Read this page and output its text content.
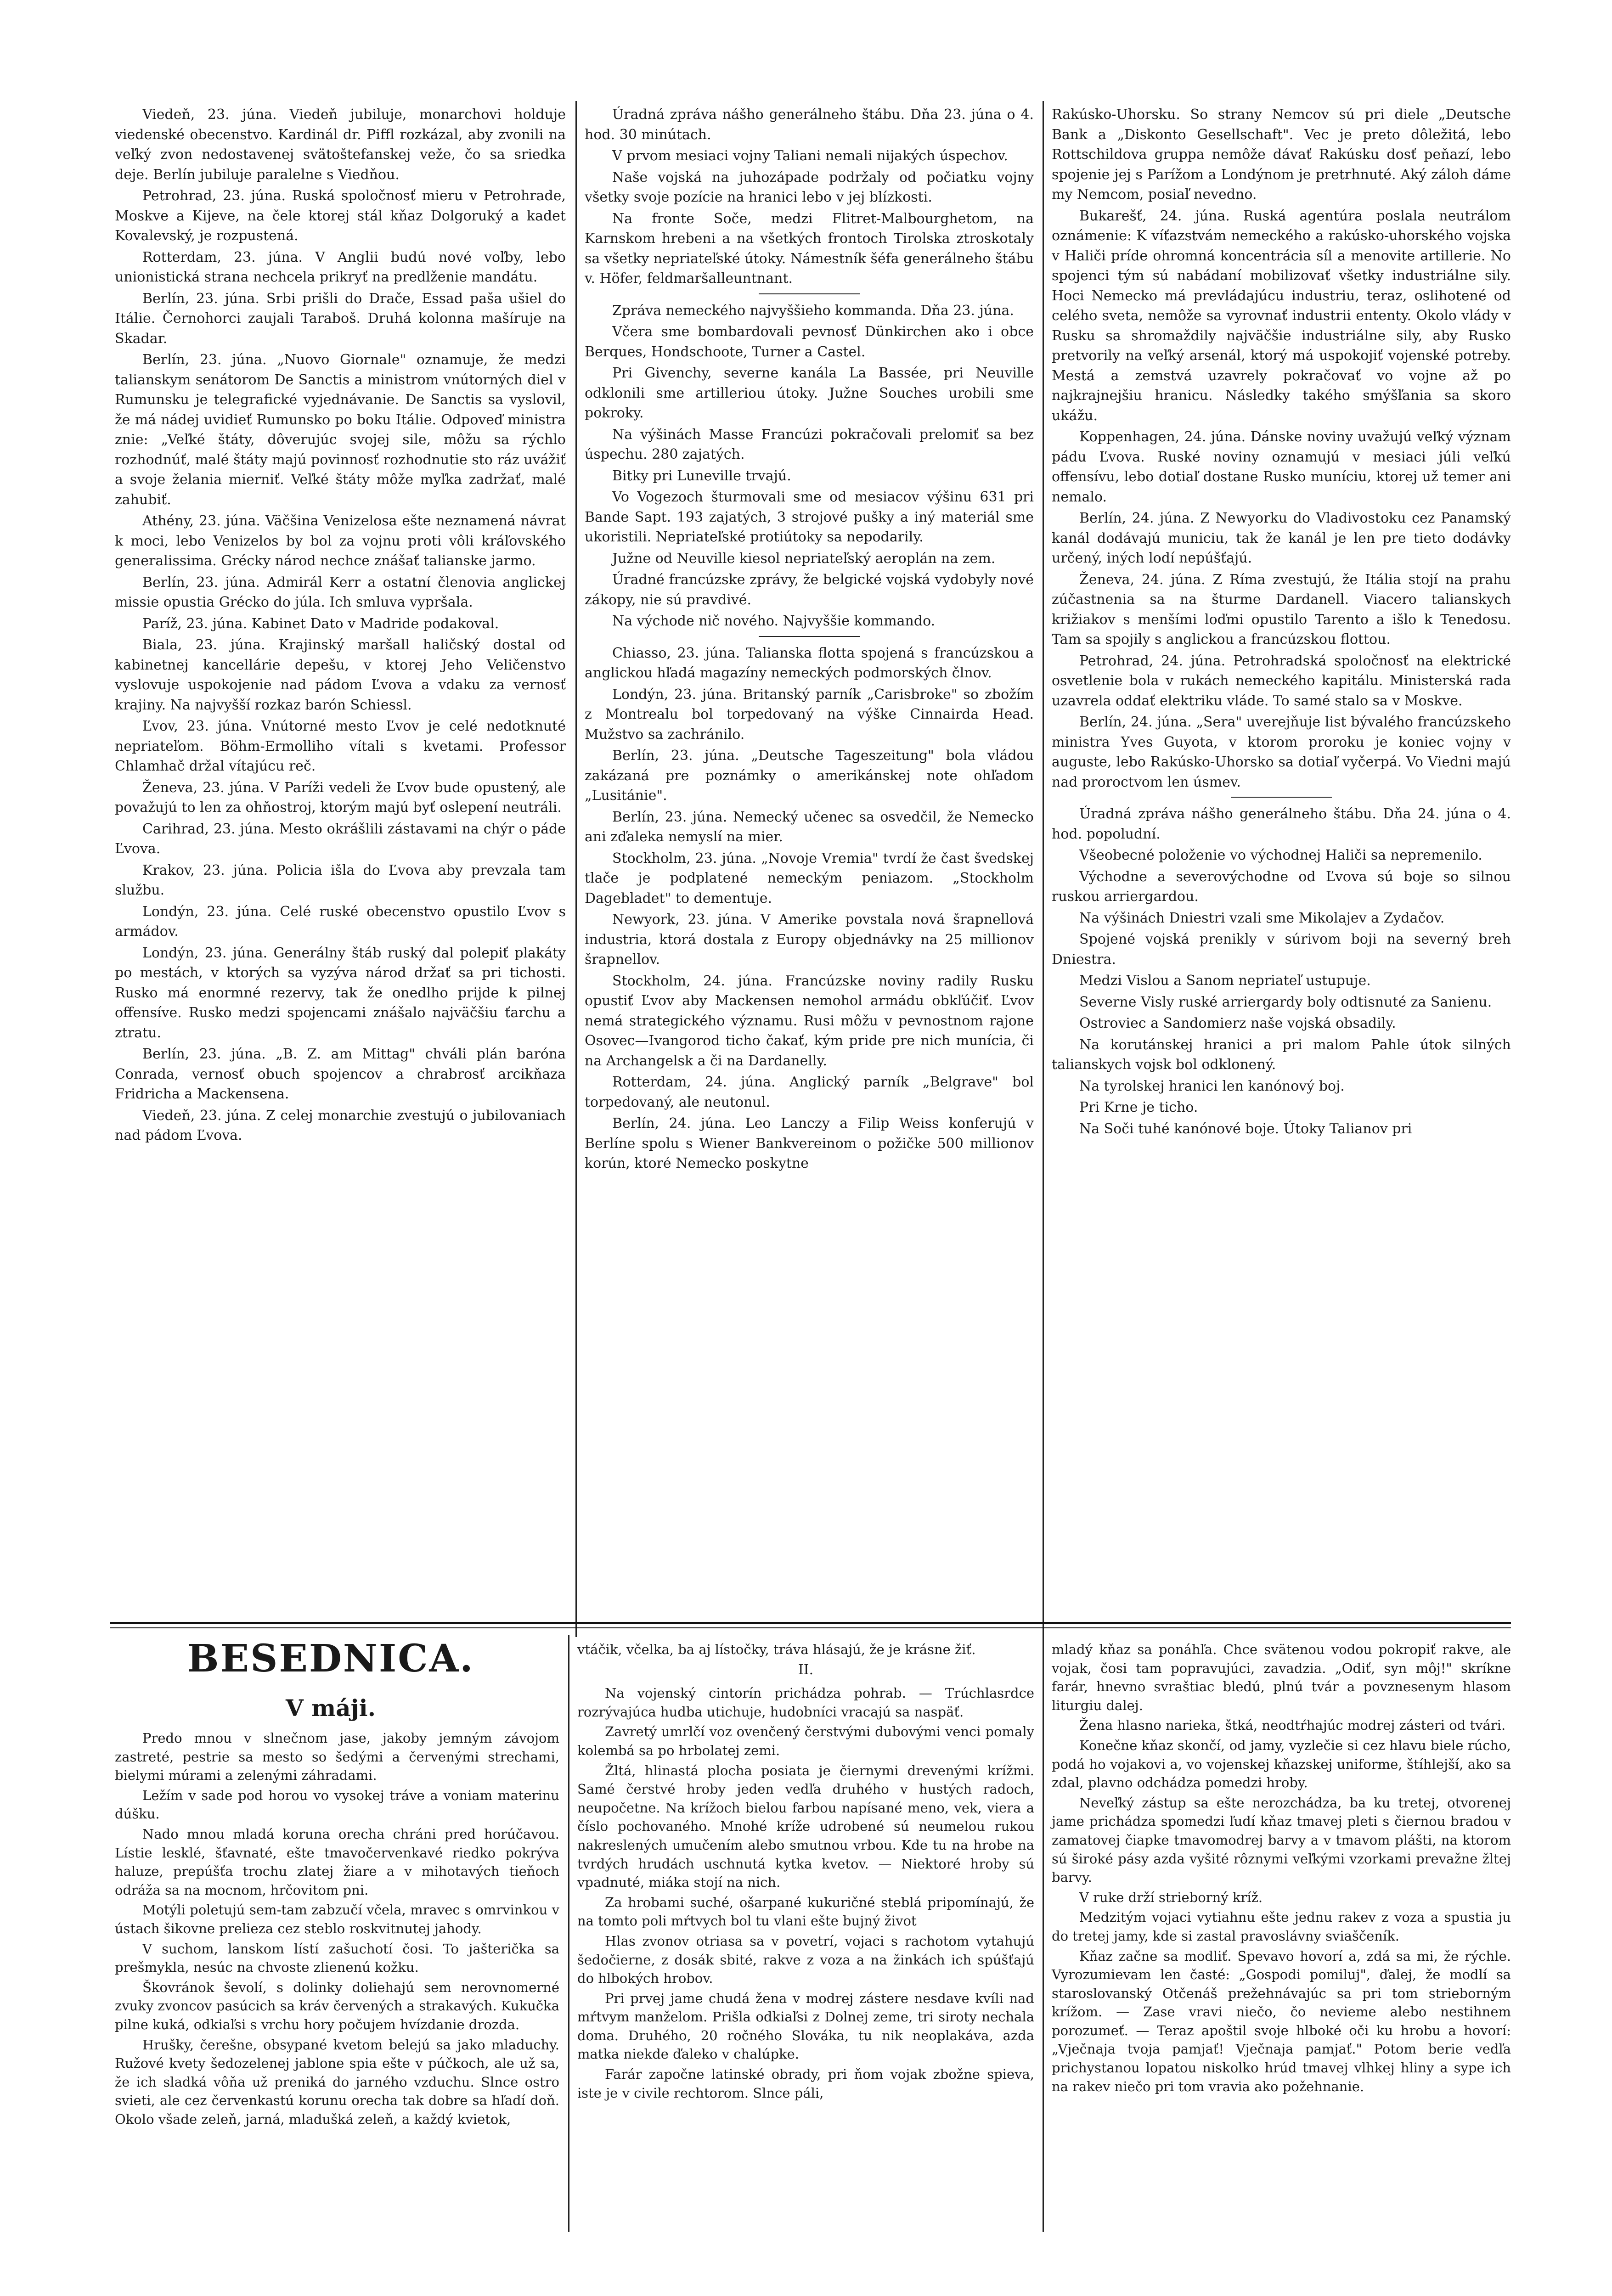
Viedeň, 23. júna. Viedeň jubiluje, monarchovi holduje viedenské obecenstvo. Kardinál dr. Piffl rozkázal, aby zvonili na veľký zvon nedostavenej svätoštefanskej veže, čo sa sriedka deje. Berlín jubiluje paralelne s Viedňou.

Petrohrad, 23. júna. Ruská spoločnosť mieru v Petrohrade, Moskve a Kijeve, na čele ktorej stál kňaz Dolgoruký a kadet Kovalevský, je rozpustená.

Rotterdam, 23. júna. V Anglii budú nové voľby, lebo unionistická strana nechcela prikryť na predlženie mandátu.

Berlín, 23. júna. Srbi prišli do Drače, Essad paša ušiel do Itálie. Černohorci zaujali Taraboš. Druhá kolonna mašíruje na Skadar.

Berlín, 23. júna. „Nuovo Giornale" oznamuje, že medzi talianskym senátorom De Sanctis a ministrom vnútorných diel v Rumunsku je telegrafické vyjednávanie. De Sanctis sa vyslovil, že má nádej uvidieť Rumunsko po boku Itálie. Odpoveď ministra znie: „Veľké štáty, dôverujúc svojej sile, môžu sa rýchlo rozhodnúť, malé štáty majú povinnosť rozhodnutie sto ráz uvážiť a svoje želania mierniť. Veľké štáty môže myľka zadržať, malé zahubiť.

Athény, 23. júna. Väčšina Venizelosa ešte neznamená návrat k moci, lebo Venizelos by bol za vojnu proti vôli kráľovského generalissima. Grécky národ nechce znášať talianske jarmo.

Berlín, 23. júna. Admirál Kerr a ostatní členovia anglickej missie opustia Grécko do júla. Ich smluva vypršala.

Paríž, 23. júna. Kabinet Dato v Madride podakoval.

Biala, 23. júna. Krajinský maršall haličský dostal od kabinetnej kancellárie depešu, v ktorej Jeho Veličenstvo vyslovuje uspokojenie nad pádom Ľvova a vdaku za vernosť krajiny. Na najvyšší rozkaz barón Schiessl.

Ľvov, 23. júna. Vnútorné mesto Ľvov je celé nedotknuté nepriateľom. Böhm-Ermolliho vítali s kvetami. Professor Chlamhač držal vítajúcu reč.

Ženeva, 23. júna. V Paríži vedeli že Ľvov bude opustený, ale považujú to len za ohňostroj, ktorým majú byť oslepení neutráli.

Carihrad, 23. júna. Mesto okrášlili zástavami na chýr o páde Ľvova.

Krakov, 23. júna. Policia išla do Ľvova aby prevzala tam službu.

Londýn, 23. júna. Celé ruské obecenstvo opustilo Ľvov s armádov.

Londýn, 23. júna. Generálny štáb ruský dal polepiť plakáty po mestách, v ktorých sa vyzýva národ držať sa pri tichosti. Rusko má enormné rezervy, tak že onedlho prijde k pilnej offensíve. Rusko medzi spojencami znášalo najväčšiu ťarchu a ztratu.

Berlín, 23. júna. „B. Z. am Mittag" chváli plán baróna Conrada, vernosť obuch spojencov a chrabrosť arcikňaza Fridricha a Mackensena.

Viedeň, 23. júna. Z celej monarchie zvestujú o jubilovaniach nad pádom Ľvova.

Úradná zpráva nášho generálneho štábu. Dňa 23. júna o 4. hod. 30 minútach.

V prvom mesiaci vojny Taliani nemali nijakých úspechov.

Naše vojská na juhozápade podržaly od počiatku vojny všetky svoje pozície na hranici lebo v jej blízkosti.

Na fronte Soče, medzi Flitret-Malbourghetom, na Karnskom hrebeni a na všetkých frontoch Tirolska ztroskotaly sa všetky nepriateľské útoky. Námestník šéfa generálneho štábu v. Höfer, feldmaršalleuntnant.

Zpráva nemeckého najvyššieho kommanda. Dňa 23. júna.

Včera sme bombardovali pevnosť Dünkirchen ako i obce Berques, Hondschoote, Turner a Castel.

Pri Givenchy, severne kanála La Bassée, pri Neuville odklonili sme artilleriou útoky. Južne Souches urobili sme pokroky.

Na výšinách Masse Francúzi pokračovali prelomiť sa bez úspechu. 280 zajatých.

Bitky pri Luneville trvajú.

Vo Vogezoch šturmovali sme od mesiacov výšinu 631 pri Bande Sapt. 193 zajatých, 3 strojové pušky a iný materiál sme ukoristili. Nepriateľské protiútoky sa nepodarily.

Južne od Neuville kiesol nepriateľský aeroplán na zem.

Úradné francúzske zprávy, že belgické vojská vydobyly nové zákopy, nie sú pravdivé.

Na východe nič nového. Najvyššie kommando.

Chiasso, 23. júna. Talianska flotta spojená s francúzskou a anglickou hľadá magazíny nemeckých podmorských člnov.

Londýn, 23. júna. Britanský parník „Carisbroke" so zbožím z Montrealu bol torpedovaný na výške Cinnairda Head. Mužstvo sa zachránilo.

Berlín, 23. júna. „Deutsche Tageszeitung" bola vládou zakázaná pre poznámky o amerikánskej note ohľadom „Lusitánie".

Berlín, 23. júna. Nemecký učenec sa osvedčil, že Nemecko ani zďaleka nemyslí na mier.

Stockholm, 23. júna. „Novoje Vremia" tvrdí že čast švedskej tlače je podplatené nemeckým peniazom. „Stockholm Dagebladet" to dementuje.

Newyork, 23. júna. V Amerike povstala nová šrapnellová industria, ktorá dostala z Europy objednávky na 25 millionov šrapnellov.

Stockholm, 24. júna. Francúzske noviny radily Rusku opustiť Ľvov aby Mackensen nemohol armádu obkľúčiť. Ľvov nemá strategického významu. Rusi môžu v pevnostnom rajone Osovec—Ivangorod ticho čakať, kým pride pre nich munícia, či na Archangelsk a či na Dardanelly.

Rotterdam, 24. júna. Anglický parník „Belgrave" bol torpedovaný, ale neutonul.

Berlín, 24. júna. Leo Lanczy a Filip Weiss konferujú v Berlíne spolu s Wiener Bankvereinom o požičke 500 millionov korún, ktoré Nemecko poskytne

Rakúsko-Uhorsku. So strany Nemcov sú pri diele „Deutsche Bank a „Diskonto Gesellschaft". Vec je preto dôležitá, lebo Rottschildova gruppa nemôže dávať Rakúsku dosť peňazí, lebo spojenie jej s Parížom a Londýnom je pretrhnuté. Aký záloh dáme my Nemcom, posiaľ nevedno.

Bukarešť, 24. júna. Ruská agentúra poslala neutrálom oznámenie: K víťazstvám nemeckého a rakúsko-uhorského vojska v Haliči príde ohromná koncentrácia síl a menovite artillerie. No spojenci tým sú nabádaní mobilizovať všetky industriálne sily. Hoci Nemecko má prevládajúcu industriu, teraz, oslihotené od celého sveta, nemôže sa vyrovnať industrii ententy. Okolo vlády v Rusku sa shromaždily najväčšie industriálne sily, aby Rusko pretvorily na veľký arsenál, ktorý má uspokojiť vojenské potreby. Mestá a zemstvá uzavrely pokračovať vo vojne až po najkrajnejšiu hranicu. Následky takého smýšľania sa skoro ukážu.

Koppenhagen, 24. júna. Dánske noviny uvažujú veľký význam pádu Ľvova. Ruské noviny oznamujú v mesiaci júli veľkú offensívu, lebo dotiaľ dostane Rusko muníciu, ktorej už temer ani nemalo.

Berlín, 24. júna. Z Newyorku do Vladivostoku cez Panamský kanál dodávajú municiu, tak že kanál je len pre tieto dodávky určený, iných lodí nepúšťajú.

Ženeva, 24. júna. Z Ríma zvestujú, že Itália stojí na prahu zúčastnenia sa na šturme Dardanell. Viacero talianskych križiakov s menšími loďmi opustilo Tarento a išlo k Tenedosu. Tam sa spojily s anglickou a francúzskou flottou.

Petrohrad, 24. júna. Petrohradská spoločnosť na elektrické osvetlenie bola v rukách nemeckého kapitálu. Ministerská rada uzavrela oddať elektriku vláde. To samé stalo sa v Moskve.

Berlín, 24. júna. „Sera" uverejňuje list bývalého francúzskeho ministra Yves Guyota, v ktorom proroku je koniec vojny v auguste, lebo Rakúsko-Uhorsko sa dotiaľ vyčerpá. Vo Viedni majú nad proroctvom len úsmev.

Úradná zpráva nášho generálneho štábu. Dňa 24. júna o 4. hod. popoludní.

Všeobecné položenie vo východnej Haliči sa nepremenilo.

Východne a severovýchodne od Ľvova sú boje so silnou ruskou arriergardou.

Na výšinách Dniestri vzali sme Mikolajev a Zydačov.

Spojené vojská prenikly v súrivom boji na severný breh Dniestra.

Medzi Vislou a Sanom nepriateľ ustupuje.

Severne Visly ruské arriergardy boly odtisnuté za Sanienu.

Ostroviec a Sandomierz naše vojská obsadily.

Na korutánskej hranici a pri malom Pahle útok silných talianskych vojsk bol odklonený.

Na tyrolskej hranici len kanónový boj.

Pri Krne je ticho.

Na Soči tuhé kanónové boje. Útoky Talianov pri

BESEDNICA.
V máji.

Predo mnou v slnečnom jase, jakoby jemným závojom zastreté, pestrie sa mesto so šedými a červenými strechami, bielymi múrami a zelenými záhradami.

Ležím v sade pod horou vo vysokej tráve a voniam materinu dúšku.

Nado mnou mladá koruna orecha chráni pred horúčavou. Lístie lesklé, šťavnaté, ešte tmavočervenkavé riedko pokrýva haluze, prepúšťa trochu zlatej žiare a v mihotavých tieňoch odráža sa na mocnom, hrčovitom pni.

Motýli poletujú sem-tam zabzučí včela, mravec s omrvinkou v ústach šikovne prelieza cez steblo roskvitnutej jahody.

V suchom, lanskom lístí zašuchotí čosi. To jašterička sa prešmykla, nesúc na chvoste zlienenú kožku.

Škovránok ševolí, s dolinky doliehajú sem nerovnomerné zvuky zvoncov pasúcich sa kráv červených a strakavých. Kukučka pilne kuká, odkiaľsi s vrchu hory počujem hvízdanie drozda.

Hrušky, čerešne, obsypané kvetom belejú sa jako mladuchy. Ružové kvety šedozelenej jablone spia ešte v púčkoch, ale už sa, že ich sladká vôňa už preniká do jarného vzduchu. Slnce ostro svieti, ale cez červenkastú korunu orecha tak dobre sa hľadí doň. Okolo všade zeleň, jarná, mladušká zeleň, a každý kvietok,

vtáčik, včelka, ba aj lístočky, tráva hlásajú, že je krásne žiť.

II.

Na vojenský cintorín prichádza pohrab. — Trúchlasrdce rozrývajúca hudba utichuje, hudobníci vracajú sa naspäť.

Zavretý umrlčí voz ovenčený čerstvými dubovými venci pomaly kolembá sa po hrbolatej zemi.

Žltá, hlinastá plocha posiata je čiernymi drevenými krížmi. Samé čerstvé hroby jeden vedľa druhého v hustých radoch, neupočetne. Na krížoch bielou farbou napísané meno, vek, viera a číslo pochovaného. Mnohé kríže udrobené sú neumelou rukou nakreslených umučením alebo smutnou vrbou. Kde tu na hrobe na tvrdých hrudách uschnutá kytka kvetov. — Niektoré hroby sú vpadnuté, miáka stojí na nich.

Za hrobami suché, ošarpané kukuričné steblá pripomínajú, že na tomto poli mŕtvych bol tu vlani ešte bujný život

Hlas zvonov otriasa sa v povetrí, vojaci s rachotom vytahujú šedočierne, z dosák sbité, rakve z voza a na žinkách ich spúšťajú do hlbokých hrobov.

Pri prvej jame chudá žena v modrej zástere nesdave kvíli nad mŕtvym manželom. Prišla odkiaľsi z Dolnej zeme, tri siroty nechala doma. Druhého, 20 ročného Slováka, tu nik neoplakáva, azda matka niekde ďaleko v chalúpke.

Farár započne latinské obrady, pri ňom vojak zbožne spieva, iste je v civile rechtorom. Slnce páli,

mladý kňaz sa ponáhľa. Chce svätenou vodou pokropiť rakve, ale vojak, čosi tam popravujúci, zavadzia. „Odiť, syn môj!" skríkne farár, hnevno svraštiac bledú, plnú tvár a povznesenym hlasom liturgiu dalej.

Žena hlasno narieka, štká, neodtŕhajúc modrej zásteri od tvári.

Konečne kňaz skončí, od jamy, vyzlečie si cez hlavu biele rúcho, podá ho vojakovi a, vo vojenskej kňazskej uniforme, štíhlejší, ako sa zdal, plavno odchádza pomedzi hroby.

Neveľký zástup sa ešte nerozchádza, ba ku tretej, otvorenej jame prichádza spomedzi ľudí kňaz tmavej pleti s čiernou bradou v zamatovej čiapke tmavomodrej barvy a v tmavom plášti, na ktorom sú široké pásy azda vyšité rôznymi veľkými vzorkami prevažne žltej barvy.

V ruke drží strieborný kríž.

Medzitým vojaci vytiahnu ešte jednu rakev z voza a spustia ju do tretej jamy, kde si zastal pravoslávny sviaščeník.

Kňaz začne sa modliť. Spevavo hovorí a, zdá sa mi, že rýchle. Vyrozumievam len časté: „Gospodi pomiluj", ďalej, že modlí sa staroslovanský Otčenáš prežehnávajúc sa pri tom strieborným krížom. — Zase vravi niečo, čo nevieme alebo nestihnem porozumeť. — Teraz apoštil svoje hlboké oči ku hrobu a hovorí: „Vječnaja tvoja pamjať! Vječnaja pamjať." Potom berie vedľa prichystanou lopatou niskolko hrúd tmavej vlhkej hliny a sype ich na rakev niečo pri tom vravia ako požehnanie.
